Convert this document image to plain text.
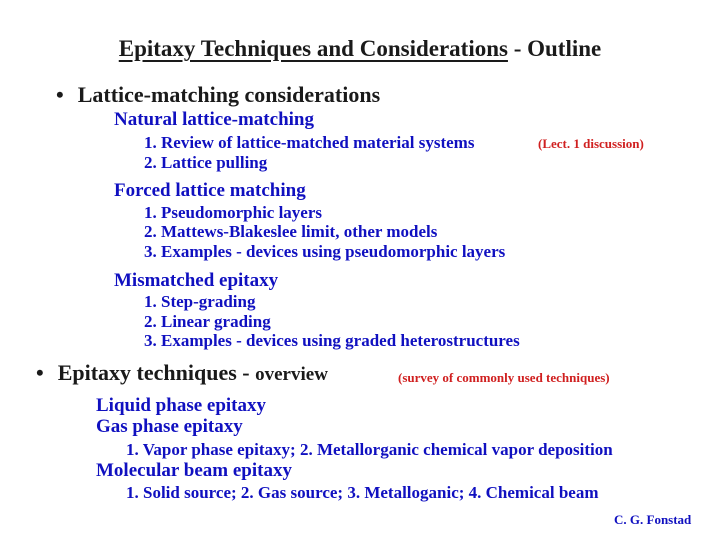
Epitaxy Techniques and Considerations - Outline
• Lattice-matching considerations
Natural lattice-matching
1. Review of lattice-matched material systems	(Lect. 1 discussion)
2. Lattice pulling
Forced lattice matching
1. Pseudomorphic layers
2. Mattews-Blakeslee limit, other models
3. Examples - devices using pseudomorphic layers
Mismatched epitaxy
1. Step-grading
2. Linear grading
3. Examples - devices using graded heterostructures
• Epitaxy techniques - overview	(survey of commonly used techniques)
Liquid phase epitaxy
Gas phase epitaxy
1. Vapor phase epitaxy; 2. Metallorganic chemical vapor deposition
Molecular beam epitaxy
1. Solid source; 2. Gas source; 3. Metalloganic; 4. Chemical beam
C. G. Fonstad
